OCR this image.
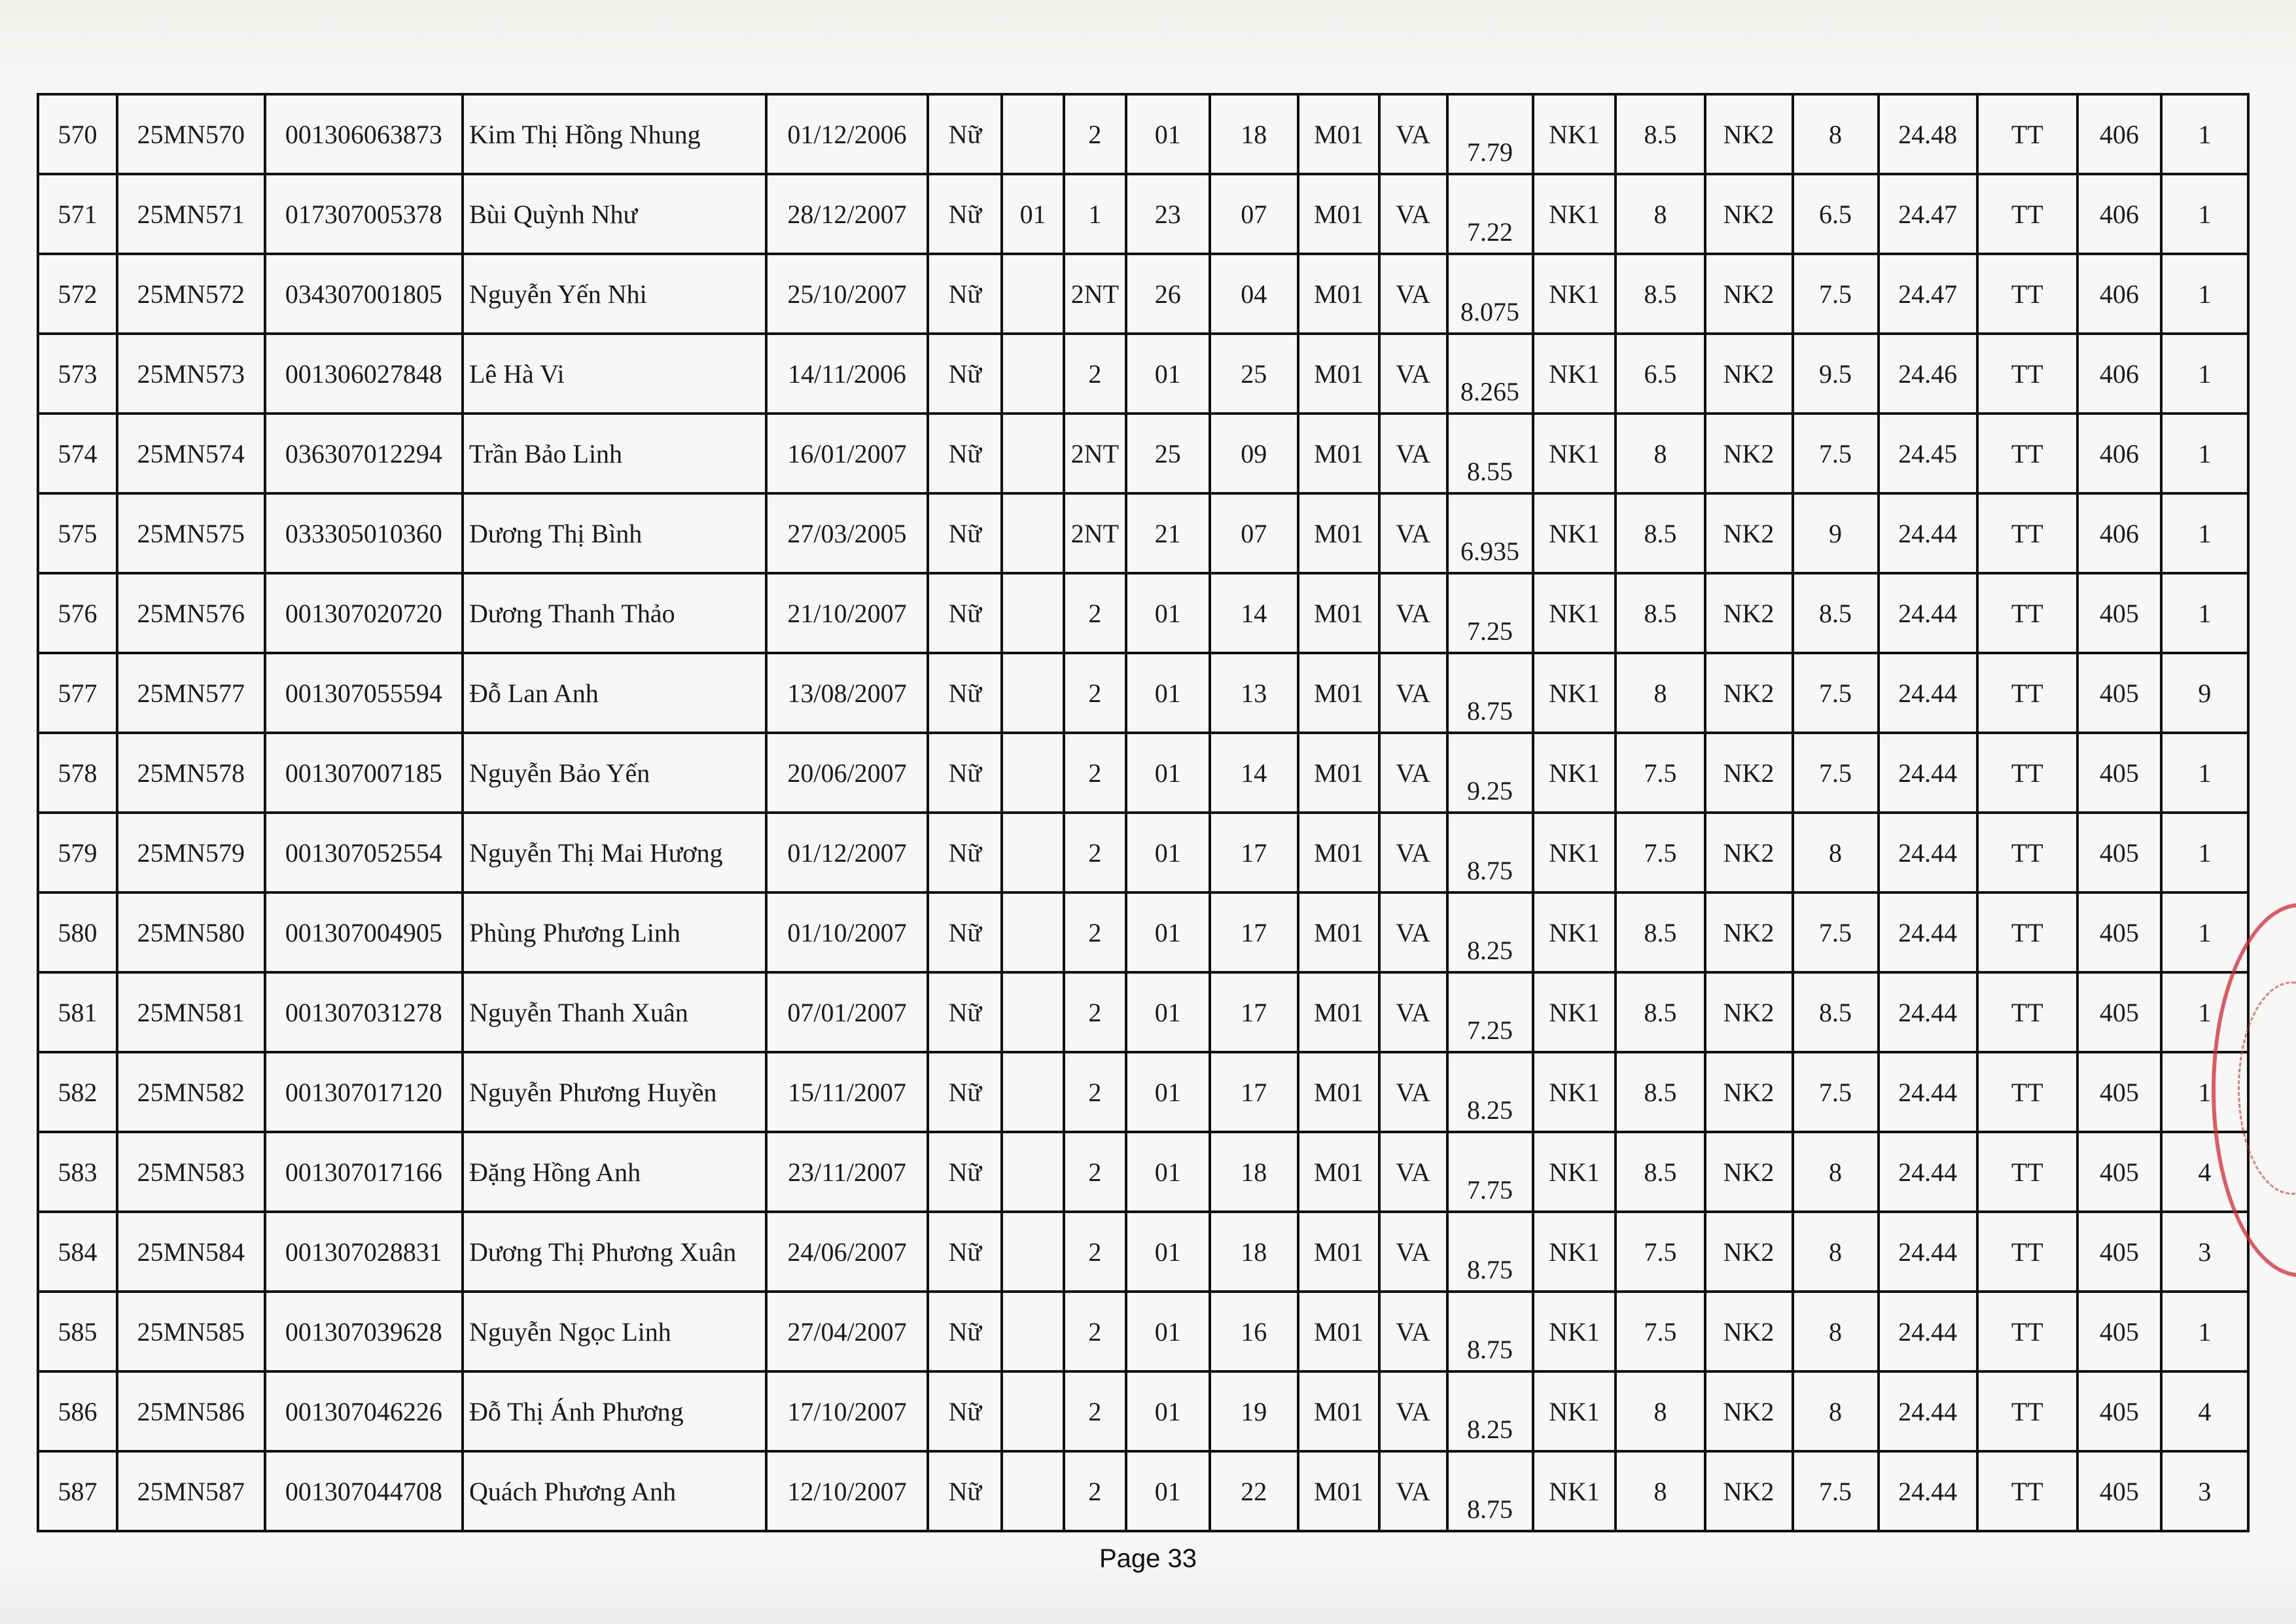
570	25MN570	001306063873	Kim Thị Hồng Nhung	01/12/2006	Nữ		2	01	18	M01	VA	7.79	NK1	8.5	NK2	8	24.48	TT	406	1
571	25MN571	017307005378	Bùi Quỳnh Như	28/12/2007	Nữ	01	1	23	07	M01	VA	7.22	NK1	8	NK2	6.5	24.47	TT	406	1
572	25MN572	034307001805	Nguyễn Yến Nhi	25/10/2007	Nữ		2NT	26	04	M01	VA	8.075	NK1	8.5	NK2	7.5	24.47	TT	406	1
573	25MN573	001306027848	Lê Hà Vi	14/11/2006	Nữ		2	01	25	M01	VA	8.265	NK1	6.5	NK2	9.5	24.46	TT	406	1
574	25MN574	036307012294	Trần Bảo Linh	16/01/2007	Nữ		2NT	25	09	M01	VA	8.55	NK1	8	NK2	7.5	24.45	TT	406	1
575	25MN575	033305010360	Dương Thị Bình	27/03/2005	Nữ		2NT	21	07	M01	VA	6.935	NK1	8.5	NK2	9	24.44	TT	406	1
576	25MN576	001307020720	Dương Thanh Thảo	21/10/2007	Nữ		2	01	14	M01	VA	7.25	NK1	8.5	NK2	8.5	24.44	TT	405	1
577	25MN577	001307055594	Đỗ Lan Anh	13/08/2007	Nữ		2	01	13	M01	VA	8.75	NK1	8	NK2	7.5	24.44	TT	405	9
578	25MN578	001307007185	Nguyễn Bảo Yến	20/06/2007	Nữ		2	01	14	M01	VA	9.25	NK1	7.5	NK2	7.5	24.44	TT	405	1
579	25MN579	001307052554	Nguyễn Thị Mai Hương	01/12/2007	Nữ		2	01	17	M01	VA	8.75	NK1	7.5	NK2	8	24.44	TT	405	1
580	25MN580	001307004905	Phùng Phương Linh	01/10/2007	Nữ		2	01	17	M01	VA	8.25	NK1	8.5	NK2	7.5	24.44	TT	405	1
581	25MN581	001307031278	Nguyễn Thanh Xuân	07/01/2007	Nữ		2	01	17	M01	VA	7.25	NK1	8.5	NK2	8.5	24.44	TT	405	1
582	25MN582	001307017120	Nguyễn Phương Huyền	15/11/2007	Nữ		2	01	17	M01	VA	8.25	NK1	8.5	NK2	7.5	24.44	TT	405	1
583	25MN583	001307017166	Đặng Hồng Anh	23/11/2007	Nữ		2	01	18	M01	VA	7.75	NK1	8.5	NK2	8	24.44	TT	405	4
584	25MN584	001307028831	Dương Thị Phương Xuân	24/06/2007	Nữ		2	01	18	M01	VA	8.75	NK1	7.5	NK2	8	24.44	TT	405	3
585	25MN585	001307039628	Nguyễn Ngọc Linh	27/04/2007	Nữ		2	01	16	M01	VA	8.75	NK1	7.5	NK2	8	24.44	TT	405	1
586	25MN586	001307046226	Đỗ Thị Ánh Phương	17/10/2007	Nữ		2	01	19	M01	VA	8.25	NK1	8	NK2	8	24.44	TT	405	4
587	25MN587	001307044708	Quách Phương Anh	12/10/2007	Nữ		2	01	22	M01	VA	8.75	NK1	8	NK2	7.5	24.44	TT	405	3
Page 33
